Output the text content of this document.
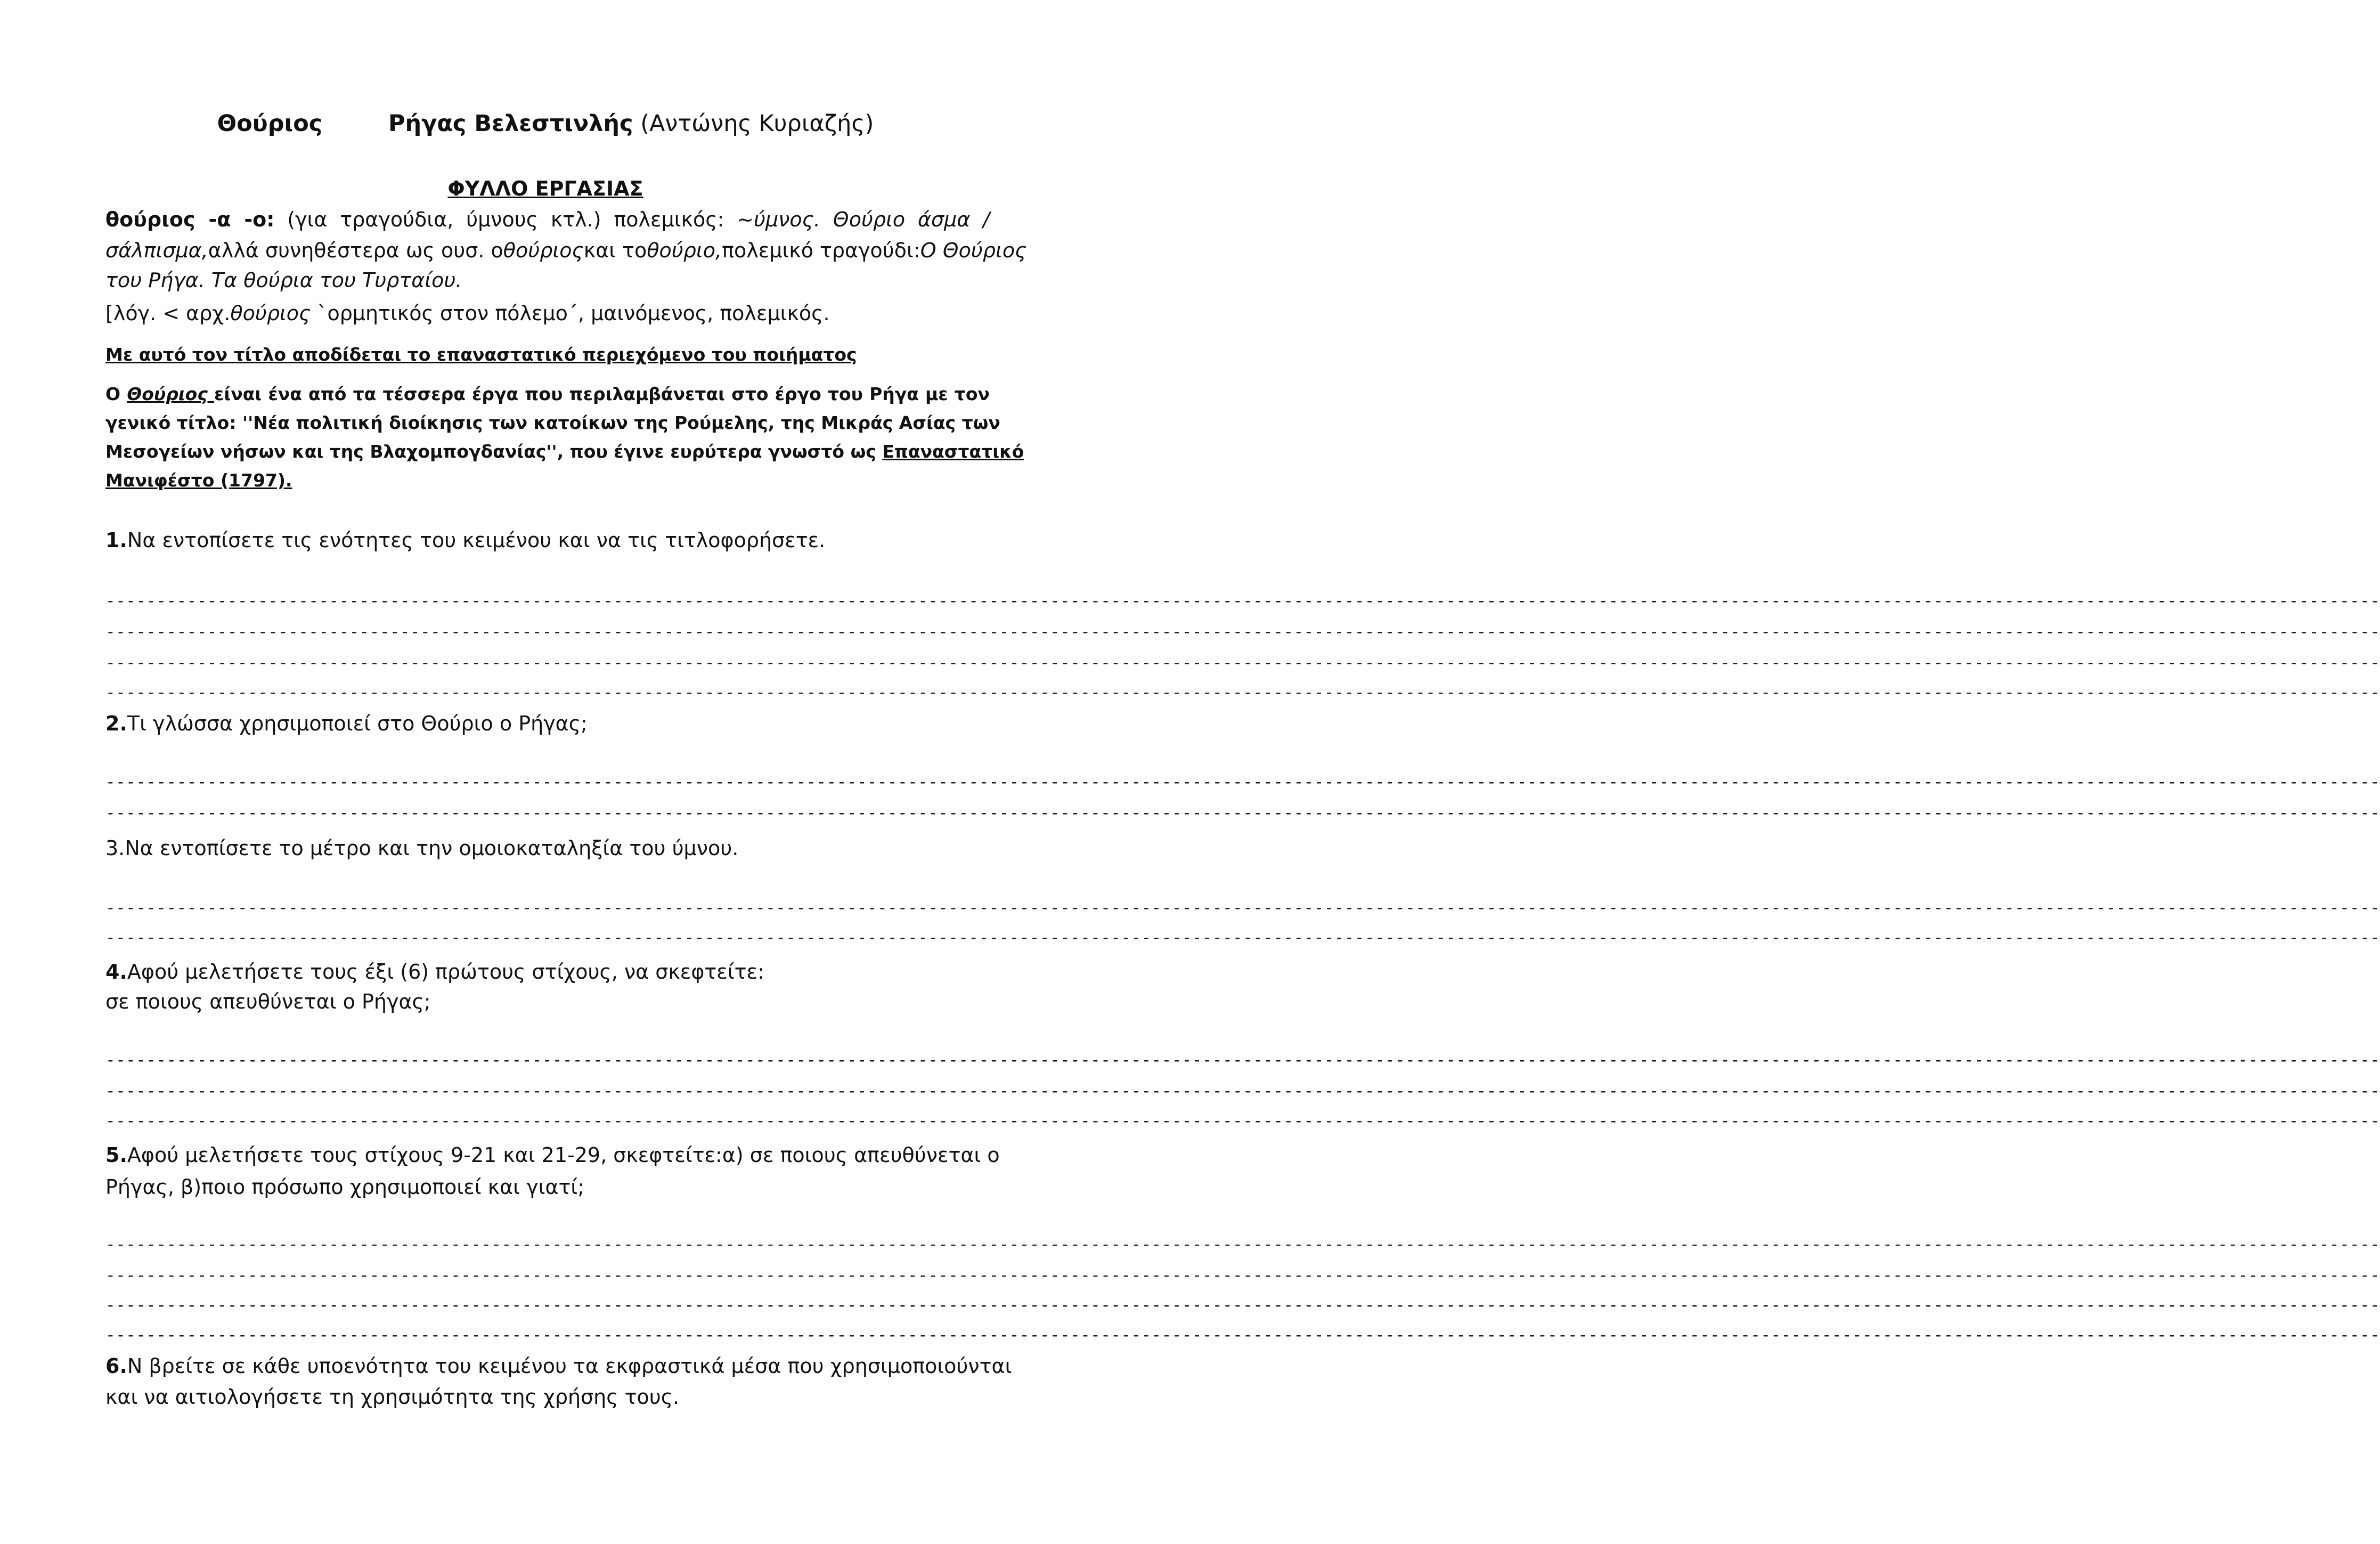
Θούριος	Ρήγας Βελεστινλής (Αντώνης Κυριαζής)
ΦΥΛΛΟ ΕΡΓΑΣΙΑΣ
θούριος -α -ο: (για τραγούδια, ύμνους κτλ.) πολεμικός: ~ύμνος. Θούριο άσμα /
σάλπισμα,αλλά συνηθέστερα ως ουσ. οθούριοςκαι τοθούριο,πολεμικό τραγούδι:Ο Θούριος
του Ρήγα. Τα θούρια του Τυρταίου.
[λόγ. < αρχ.θούριος `ορμητικός στον πόλεμο΄, μαινόμενος, πολεμικός.
Με αυτό τον τίτλο αποδίδεται το επαναστατικό περιεχόμενο του ποιήματος
Ο Θούριος είναι ένα από τα τέσσερα έργα που περιλαμβάνεται στο έργο του Ρήγα με τον
γενικό τίτλο: ''Νέα πολιτική διοίκησις των κατοίκων της Ρούμελης, της Μικράς Ασίας των
Μεσογείων νήσων και της Βλαχομπογδανίας'', που έγινε ευρύτερα γνωστό ως Επαναστατικό
Μανιφέστο (1797).
1.Να εντοπίσετε τις ενότητες του κειμένου και να τις τιτλοφορήσετε.
--------------------------------------------------------------------------------------------------------------------------------------------------------------------------------------------------------------------------------
--------------------------------------------------------------------------------------------------------------------------------------------------------------------------------------------------------------------------------
--------------------------------------------------------------------------------------------------------------------------------------------------------------------------------------------------------------------------------
--------------------------------------------------------------------------------------------------------------------------------------------------------------------------------------------------------------------------------
2.Τι γλώσσα χρησιμοποιεί στο Θούριο ο Ρήγας;
--------------------------------------------------------------------------------------------------------------------------------------------------------------------------------------------------------------------------------
--------------------------------------------------------------------------------------------------------------------------------------------------------------------------------------------------------------------------------
3.Να εντοπίσετε το μέτρο και την ομοιοκαταληξία του ύμνου.
--------------------------------------------------------------------------------------------------------------------------------------------------------------------------------------------------------------------------------
--------------------------------------------------------------------------------------------------------------------------------------------------------------------------------------------------------------------------------
4.Αφού μελετήσετε τους έξι (6) πρώτους στίχους, να σκεφτείτε:
σε ποιους απευθύνεται ο Ρήγας;
--------------------------------------------------------------------------------------------------------------------------------------------------------------------------------------------------------------------------------
--------------------------------------------------------------------------------------------------------------------------------------------------------------------------------------------------------------------------------
--------------------------------------------------------------------------------------------------------------------------------------------------------------------------------------------------------------------------------
5.Αφού μελετήσετε τους στίχους 9-21 και 21-29, σκεφτείτε:α) σε ποιους απευθύνεται ο
Ρήγας, β)ποιο πρόσωπο χρησιμοποιεί και γιατί;
--------------------------------------------------------------------------------------------------------------------------------------------------------------------------------------------------------------------------------
--------------------------------------------------------------------------------------------------------------------------------------------------------------------------------------------------------------------------------
--------------------------------------------------------------------------------------------------------------------------------------------------------------------------------------------------------------------------------
--------------------------------------------------------------------------------------------------------------------------------------------------------------------------------------------------------------------------------
6.Ν βρείτε σε κάθε υποενότητα του κειμένου τα εκφραστικά μέσα που χρησιμοποιούνται
και να αιτιολογήσετε τη χρησιμότητα της χρήσης τους.
